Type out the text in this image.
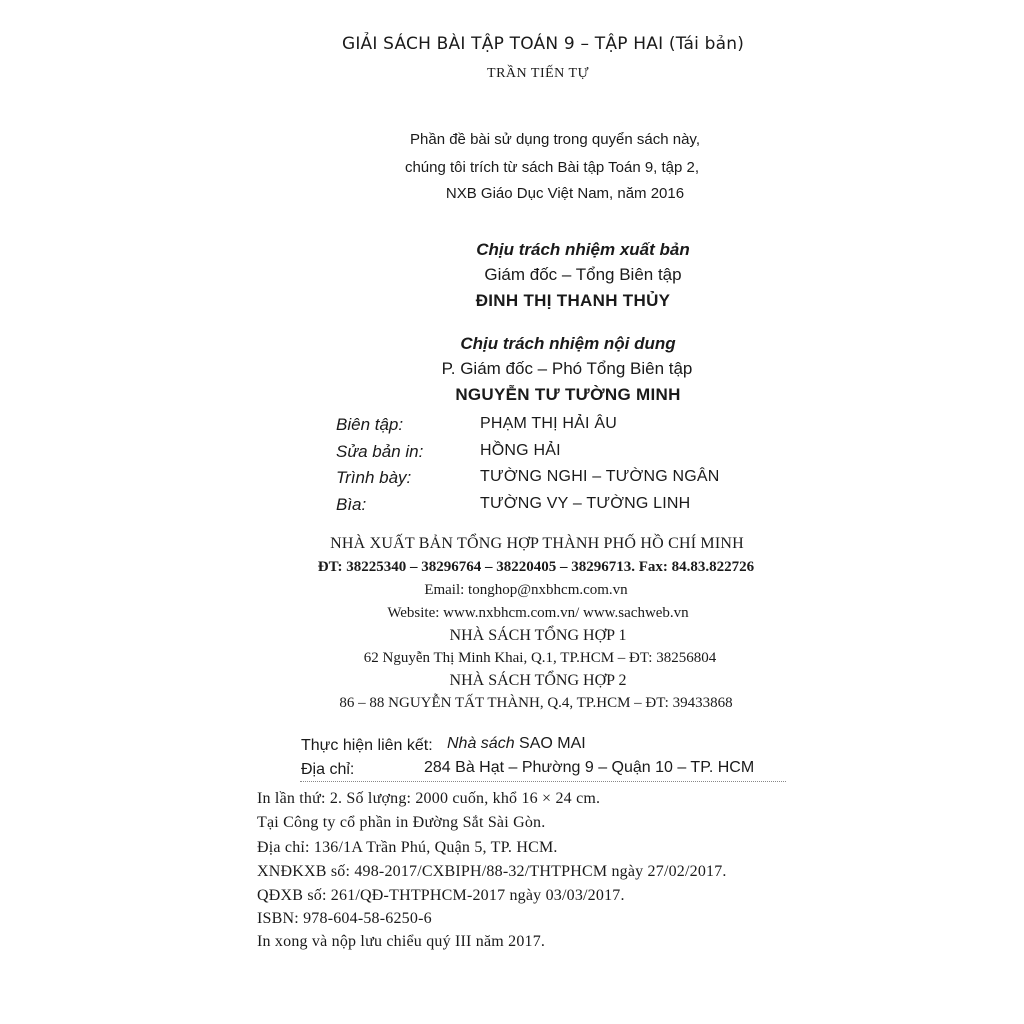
GIẢI SÁCH BÀI TẬP TOÁN 9 – TẬP HAI (Tái bản)
TRẦN TIẾN TỰ
Phần đề bài sử dụng trong quyển sách này,
chúng tôi trích từ sách Bài tập Toán 9, tập 2,
NXB Giáo Dục Việt Nam, năm 2016
Chịu trách nhiệm xuất bản
Giám đốc – Tổng Biên tập
ĐINH THỊ THANH THỦY
Chịu trách nhiệm nội dung
P. Giám đốc – Phó Tổng Biên tập
NGUYỄN TƯ TƯỜNG MINH
Biên tập:	PHẠM THỊ HẢI ÂU
Sửa bản in:	HỒNG HẢI
Trình bày:	TƯỜNG NGHI – TƯỜNG NGÂN
Bìa:	TƯỜNG VY – TƯỜNG LINH
NHÀ XUẤT BẢN TỔNG HỢP THÀNH PHỐ HỒ CHÍ MINH
ĐT: 38225340 – 38296764 – 38220405 – 38296713. Fax: 84.83.822726
Email: tonghop@nxbhcm.com.vn
Website: www.nxbhcm.com.vn/ www.sachweb.vn
NHÀ SÁCH TỔNG HỢP 1
62 Nguyễn Thị Minh Khai, Q.1, TP.HCM – ĐT: 38256804
NHÀ SÁCH TỔNG HỢP 2
86 – 88 NGUYỄN TẤT THÀNH, Q.4, TP.HCM – ĐT: 39433868
Thực hiện liên kết: Nhà sách SAO MAI
Địa chỉ:	284 Bà Hạt – Phường 9 – Quận 10 – TP. HCM
In lần thứ: 2. Số lượng: 2000 cuốn, khổ 16 × 24 cm.
Tại Công ty cổ phần in Đường Sắt Sài Gòn.
Địa chỉ: 136/1A Trần Phú, Quận 5, TP. HCM.
XNĐKXB số: 498-2017/CXBIPH/88-32/THTPHCM ngày 27/02/2017.
QĐXB số: 261/QĐ-THTPHCM-2017 ngày 03/03/2017.
ISBN: 978-604-58-6250-6
In xong và nộp lưu chiểu quý III năm 2017.
